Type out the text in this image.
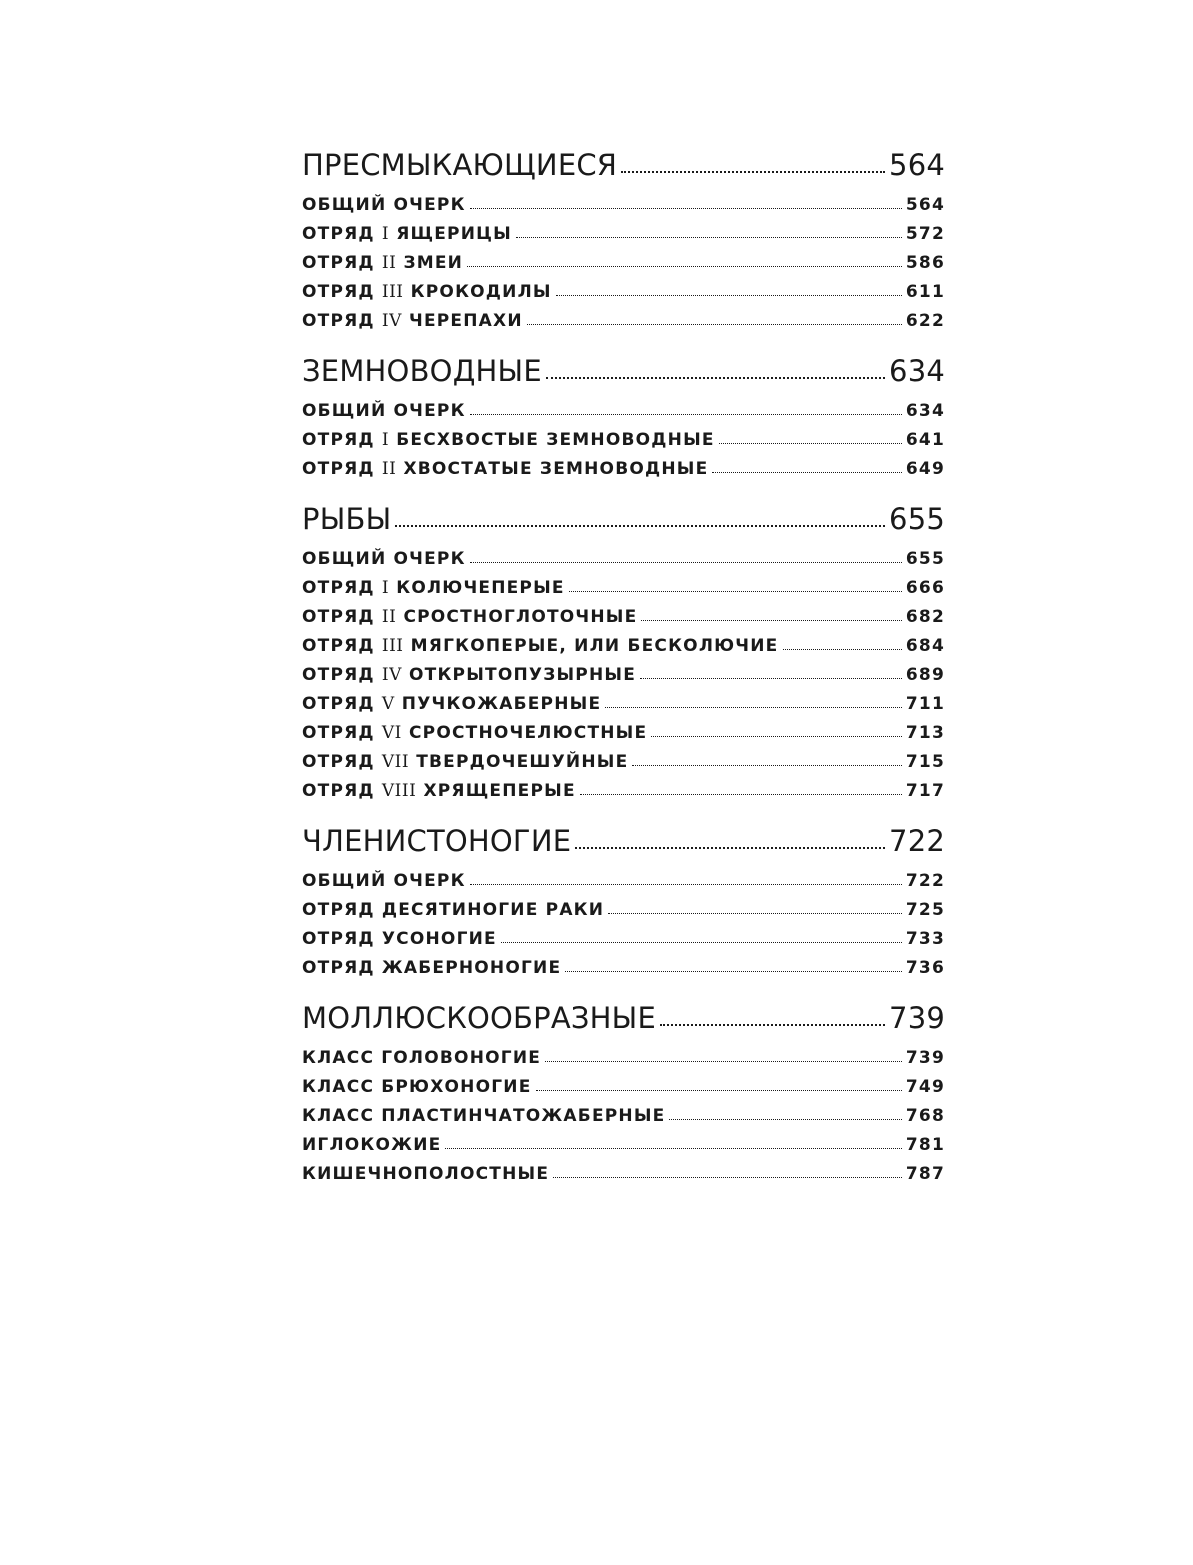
ПРЕСМЫКАЮЩИЕСЯ	564
ОБЩИЙ ОЧЕРК	564
ОТРЯД I ЯЩЕРИЦЫ	572
ОТРЯД II ЗМЕИ	586
ОТРЯД III КРОКОДИЛЫ	611
ОТРЯД IV ЧЕРЕПАХИ	622
ЗЕМНОВОДНЫЕ	634
ОБЩИЙ ОЧЕРК	634
ОТРЯД I БЕСХВОСТЫЕ ЗЕМНОВОДНЫЕ	641
ОТРЯД II ХВОСТАТЫЕ ЗЕМНОВОДНЫЕ	649
РЫБЫ	655
ОБЩИЙ ОЧЕРК	655
ОТРЯД I КОЛЮЧЕПЕРЫЕ	666
ОТРЯД II СРОСТНОГЛОТОЧНЫЕ	682
ОТРЯД III МЯГКОПЕРЫЕ, ИЛИ БЕСКОЛЮЧИЕ	684
ОТРЯД IV ОТКРЫТОПУЗЫРНЫЕ	689
ОТРЯД V ПУЧКОЖАБЕРНЫЕ	711
ОТРЯД VI СРОСТНОЧЕЛЮСТНЫЕ	713
ОТРЯД VII ТВЕРДОЧЕШУЙНЫЕ	715
ОТРЯД VIII ХРЯЩЕПЕРЫЕ	717
ЧЛЕНИСТОНОГИЕ	722
ОБЩИЙ ОЧЕРК	722
ОТРЯД ДЕСЯТИНОГИЕ РАКИ	725
ОТРЯД УСОНОГИЕ	733
ОТРЯД ЖАБЕРНОНОГИЕ	736
МОЛЛЮСКООБРАЗНЫЕ	739
КЛАСС ГОЛОВОНОГИЕ	739
КЛАСС БРЮХОНОГИЕ	749
КЛАСС ПЛАСТИНЧАТОЖАБЕРНЫЕ	768
ИГЛОКОЖИЕ	781
КИШЕЧНОПОЛОСТНЫЕ	787
